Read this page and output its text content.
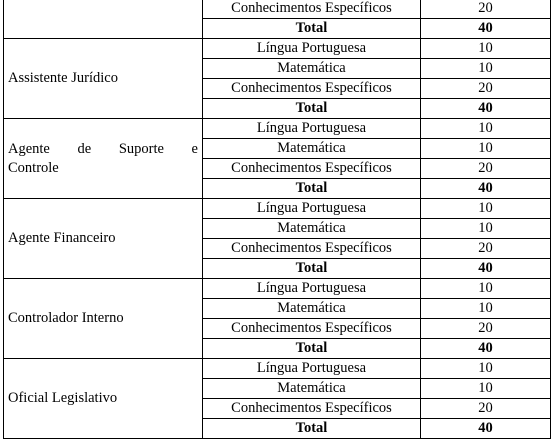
	Conhecimentos Específicos	20
	Total	40
Assistente Jurídico	Língua Portuguesa	10
	Matemática	10
	Conhecimentos Específicos	20
	Total	40

Agente de Suporte e
Controle	Língua Portuguesa	10
	Matemática	10
	Conhecimentos Específicos	20
	Total	40
Agente Financeiro	Língua Portuguesa	10
	Matemática	10
	Conhecimentos Específicos	20
	Total	40
Controlador Interno	Língua Portuguesa	10
	Matemática	10
	Conhecimentos Específicos	20
	Total	40
Oficial Legislativo	Língua Portuguesa	10
	Matemática	10
	Conhecimentos Específicos	20
	Total	40
